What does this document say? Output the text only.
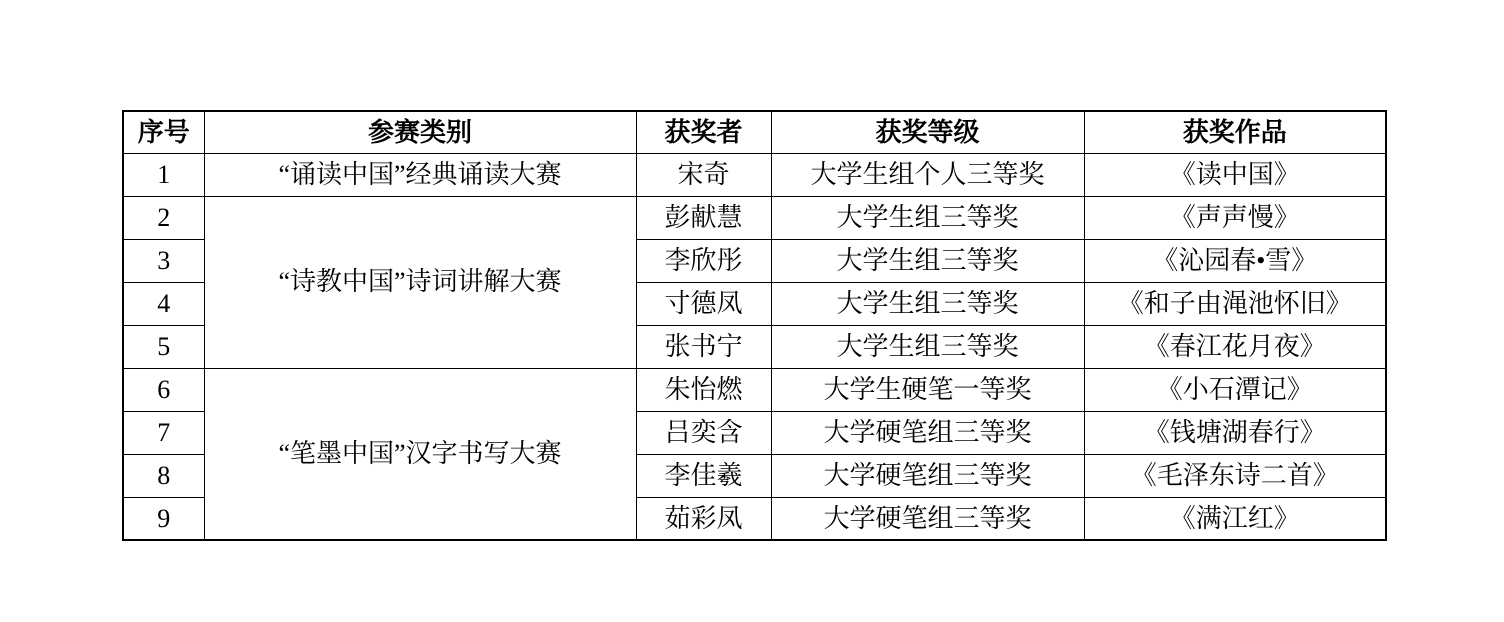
序号	参赛类别	获奖者	获奖等级	获奖作品
1	“诵读中国”经典诵读大赛	宋奇	大学生组个人三等奖	《读中国》
2	“诗教中国”诗词讲解大赛	彭献慧	大学生组三等奖	《声声慢》
3		李欣彤	大学生组三等奖	《沁园春•雪》
4		寸德凤	大学生组三等奖	《和子由渑池怀旧》
5		张书宁	大学生组三等奖	《春江花月夜》
6	“笔墨中国”汉字书写大赛	朱怡燃	大学生硬笔一等奖	《小石潭记》
7		吕奕含	大学硬笔组三等奖	《钱塘湖春行》
8		李佳羲	大学硬笔组三等奖	《毛泽东诗二首》
9		茹彩凤	大学硬笔组三等奖	《满江红》
